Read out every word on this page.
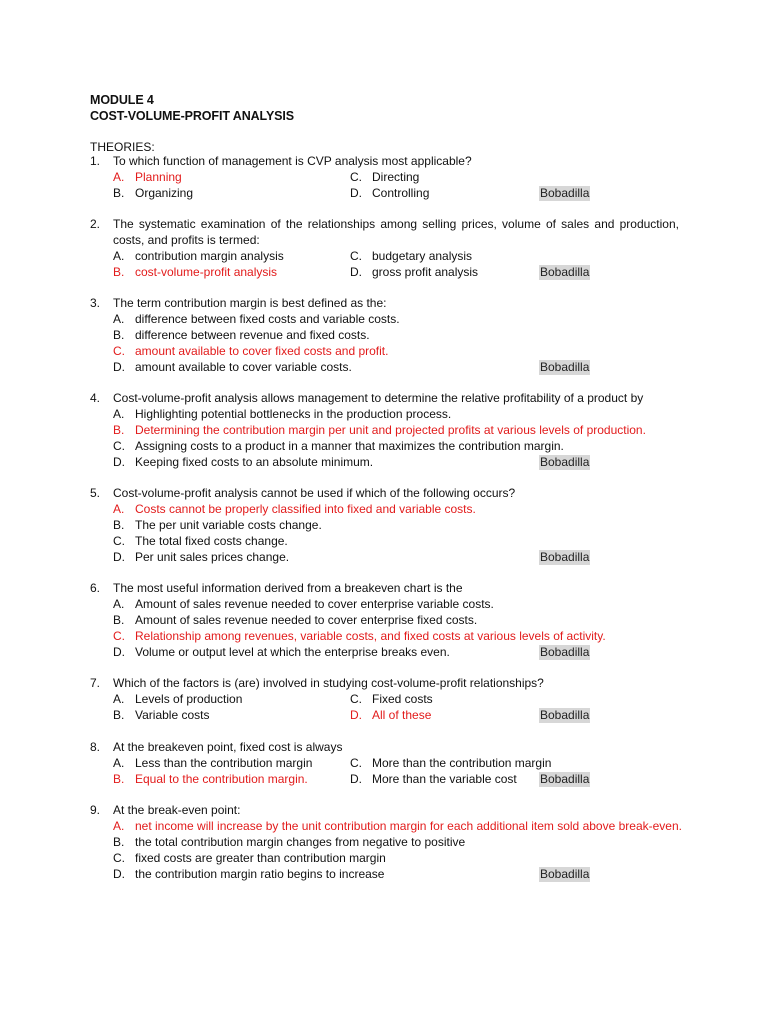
MODULE 4
COST-VOLUME-PROFIT ANALYSIS
THEORIES:
1. To which function of management is CVP analysis most applicable?
A. Planning	C. Directing
B. Organizing	D. Controlling	Bobadilla
2. The systematic examination of the relationships among selling prices, volume of sales and production, costs, and profits is termed:
A. contribution margin analysis	C. budgetary analysis
B. cost-volume-profit analysis	D. gross profit analysis	Bobadilla
3. The term contribution margin is best defined as the:
A. difference between fixed costs and variable costs.
B. difference between revenue and fixed costs.
C. amount available to cover fixed costs and profit.
D. amount available to cover variable costs.	Bobadilla
4. Cost-volume-profit analysis allows management to determine the relative profitability of a product by
A. Highlighting potential bottlenecks in the production process.
B. Determining the contribution margin per unit and projected profits at various levels of production.
C. Assigning costs to a product in a manner that maximizes the contribution margin.
D. Keeping fixed costs to an absolute minimum.	Bobadilla
5. Cost-volume-profit analysis cannot be used if which of the following occurs?
A. Costs cannot be properly classified into fixed and variable costs.
B. The per unit variable costs change.
C. The total fixed costs change.
D. Per unit sales prices change.	Bobadilla
6. The most useful information derived from a breakeven chart is the
A. Amount of sales revenue needed to cover enterprise variable costs.
B. Amount of sales revenue needed to cover enterprise fixed costs.
C. Relationship among revenues, variable costs, and fixed costs at various levels of activity.
D. Volume or output level at which the enterprise breaks even.	Bobadilla
7. Which of the factors is (are) involved in studying cost-volume-profit relationships?
A. Levels of production	C. Fixed costs
B. Variable costs	D. All of these	Bobadilla
8. At the breakeven point, fixed cost is always
A. Less than the contribution margin	C. More than the contribution margin
B. Equal to the contribution margin.	D. More than the variable cost Bobadilla
9. At the break-even point:
A. net income will increase by the unit contribution margin for each additional item sold above break-even.
B. the total contribution margin changes from negative to positive
C. fixed costs are greater than contribution margin
D. the contribution margin ratio begins to increase	Bobadilla
